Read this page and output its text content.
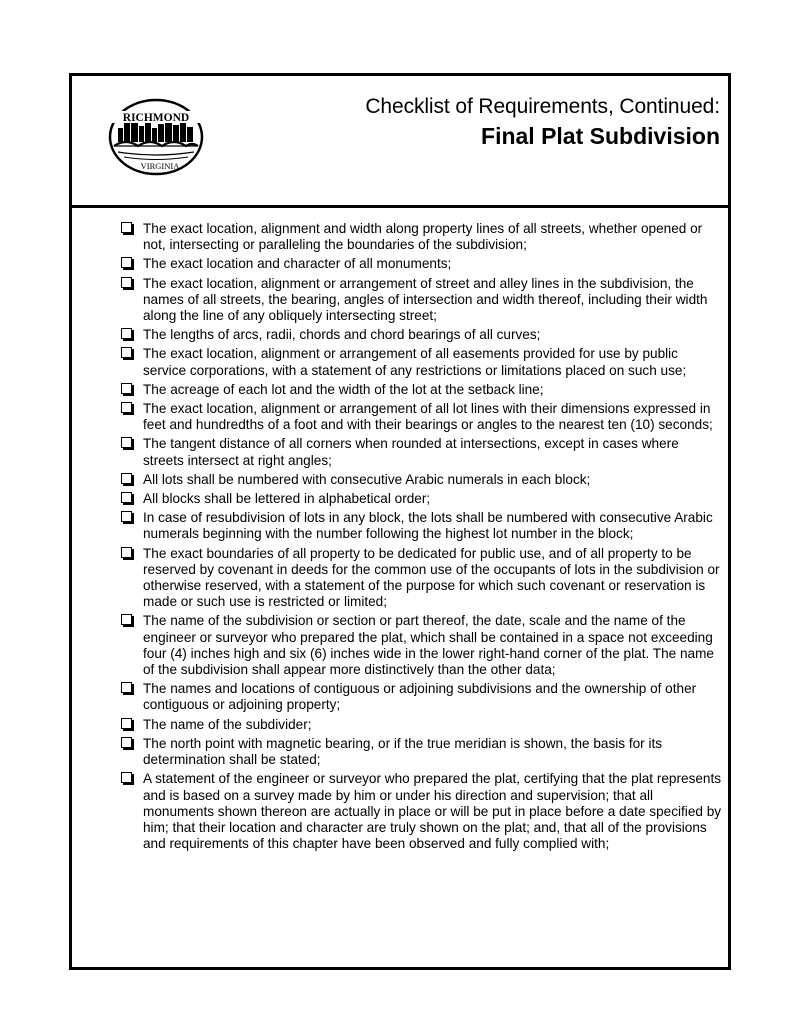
RICHMOND
VIRGINIA
Checklist of Requirements, Continued:
Final Plat Subdivision
The exact location, alignment and width along property lines of all streets, whether opened or not, intersecting or paralleling the boundaries of the subdivision;
The exact location and character of all monuments;
The exact location, alignment or arrangement of street and alley lines in the subdivision, the names of all streets, the bearing, angles of intersection and width thereof, including their width along the line of any obliquely intersecting street;
The lengths of arcs, radii, chords and chord bearings of all curves;
The exact location, alignment or arrangement of all easements provided for use by public service corporations, with a statement of any restrictions or limitations placed on such use;
The acreage of each lot and the width of the lot at the setback line;
The exact location, alignment or arrangement of all lot lines with their dimensions expressed in feet and hundredths of a foot and with their bearings or angles to the nearest ten (10) seconds;
The tangent distance of all corners when rounded at intersections, except in cases where streets intersect at right angles;
All lots shall be numbered with consecutive Arabic numerals in each block;
All blocks shall be lettered in alphabetical order;
In case of resubdivision of lots in any block, the lots shall be numbered with consecutive Arabic numerals beginning with the number following the highest lot number in the block;
The exact boundaries of all property to be dedicated for public use, and of all property to be reserved by covenant in deeds for the common use of the occupants of lots in the subdivision or otherwise reserved, with a statement of the purpose for which such covenant or reservation is made or such use is restricted or limited;
The name of the subdivision or section or part thereof, the date, scale and the name of the engineer or surveyor who prepared the plat, which shall be contained in a space not exceeding four (4) inches high and six (6) inches wide in the lower right-hand corner of the plat. The name of the subdivision shall appear more distinctively than the other data;
The names and locations of contiguous or adjoining subdivisions and the ownership of other contiguous or adjoining property;
The name of the subdivider;
The north point with magnetic bearing, or if the true meridian is shown, the basis for its determination shall be stated;
A statement of the engineer or surveyor who prepared the plat, certifying that the plat represents and is based on a survey made by him or under his direction and supervision; that all monuments shown thereon are actually in place or will be put in place before a date specified by him; that their location and character are truly shown on the plat; and, that all of the provisions and requirements of this chapter have been observed and fully complied with;
